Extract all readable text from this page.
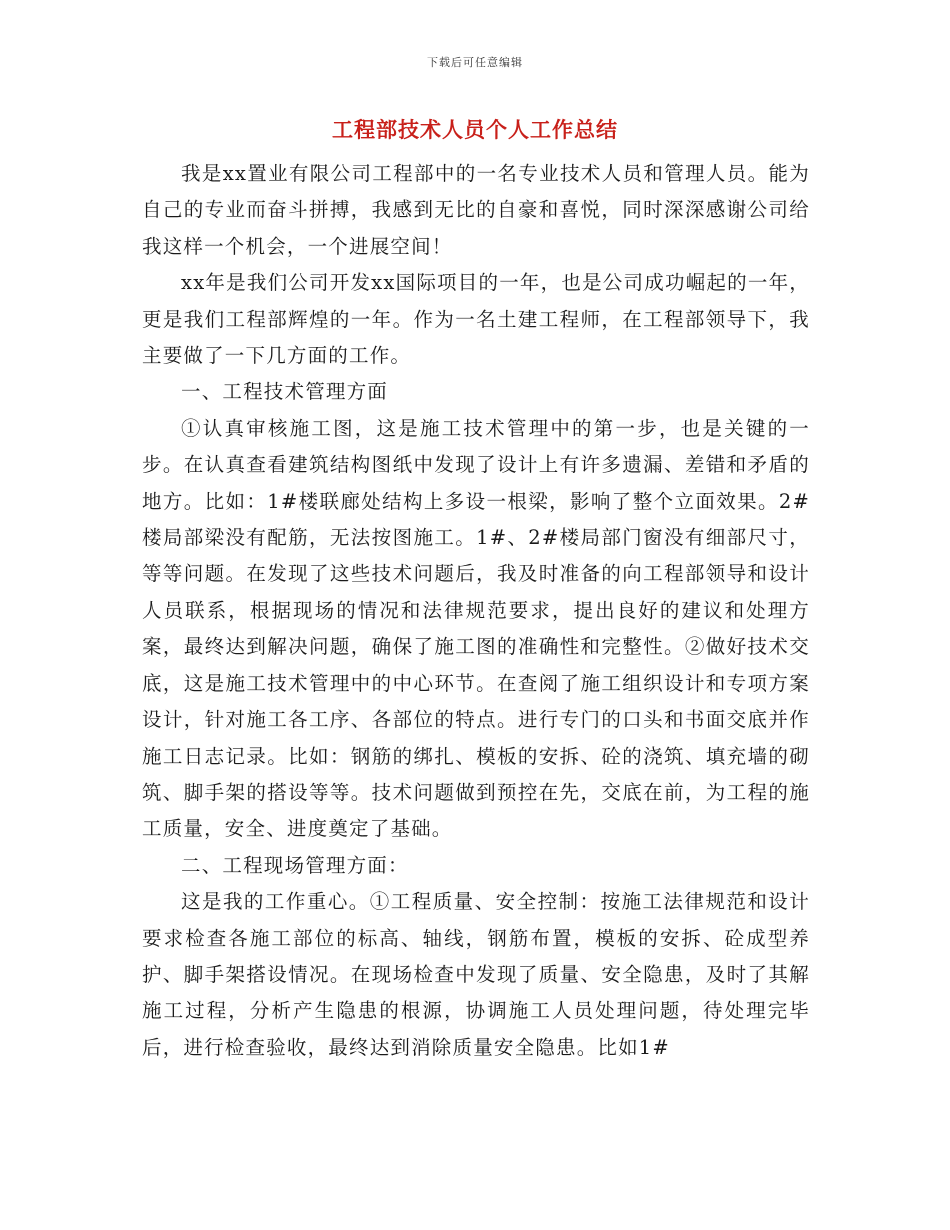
下载后可任意编辑
工程部技术人员个人工作总结

我是xx置业有限公司工程部中的一名专业技术人员和管理人员。能为自己的专业而奋斗拼搏，我感到无比的自豪和喜悦，同时深深感谢公司给我这样一个机会，一个进展空间！

xx年是我们公司开发xx国际项目的一年，也是公司成功崛起的一年，更是我们工程部辉煌的一年。作为一名土建工程师，在工程部领导下，我主要做了一下几方面的工作。

一、工程技术管理方面

①认真审核施工图，这是施工技术管理中的第一步，也是关键的一步。在认真查看建筑结构图纸中发现了设计上有许多遗漏、差错和矛盾的地方。比如：1#楼联廊处结构上多设一根梁，影响了整个立面效果。2#楼局部梁没有配筋，无法按图施工。1#、2#楼局部门窗没有细部尺寸，等等问题。在发现了这些技术问题后，我及时准备的向工程部领导和设计人员联系，根据现场的情况和法律规范要求，提出良好的建议和处理方案，最终达到解决问题，确保了施工图的准确性和完整性。②做好技术交底，这是施工技术管理中的中心环节。在查阅了施工组织设计和专项方案设计，针对施工各工序、各部位的特点。进行专门的口头和书面交底并作施工日志记录。比如：钢筋的绑扎、模板的安拆、砼的浇筑、填充墙的砌筑、脚手架的搭设等等。技术问题做到预控在先，交底在前，为工程的施工质量，安全、进度奠定了基础。

二、工程现场管理方面：

这是我的工作重心。①工程质量、安全控制：按施工法律规范和设计要求检查各施工部位的标高、轴线，钢筋布置，模板的安拆、砼成型养护、脚手架搭设情况。在现场检查中发现了质量、安全隐患，及时了其解施工过程，分析产生隐患的根源，协调施工人员处理问题，待处理完毕后，进行检查验收，最终达到消除质量安全隐患。比如1#
